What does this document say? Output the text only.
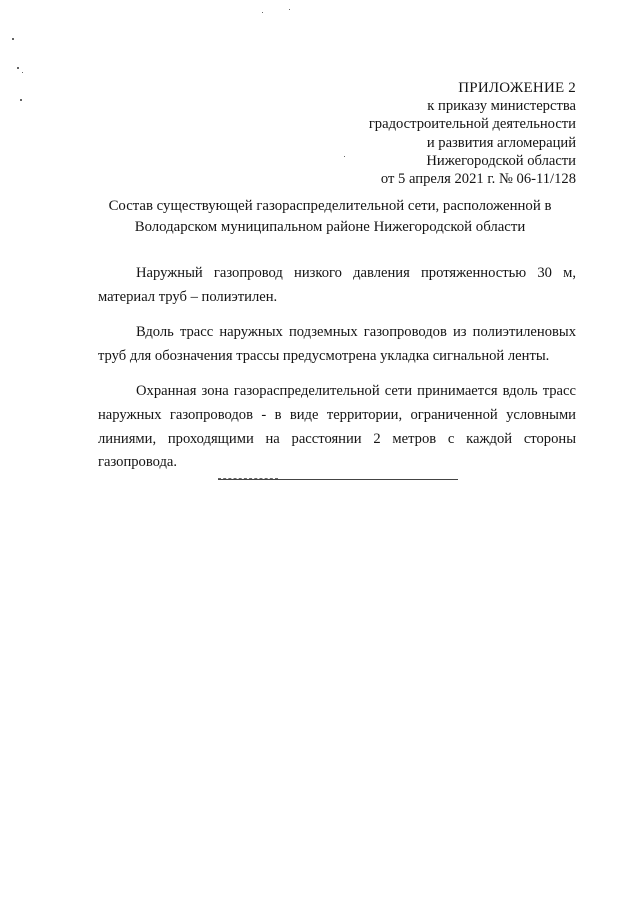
ПРИЛОЖЕНИЕ 2
к приказу министерства
градостроительной деятельности
и развития агломераций
Нижегородской области
от 5 апреля 2021 г. № 06-11/128
Состав существующей газораспределительной сети, расположенной в
Володарском муниципальном районе Нижегородской области

Наружный газопровод низкого давления протяженностью 30 м, материал труб – полиэтилен.

Вдоль трасс наружных подземных газопроводов из полиэтиленовых труб для обозначения трассы предусмотрена укладка сигнальной ленты.

Охранная зона газораспределительной сети принимается вдоль трасс наружных газопроводов - в виде территории, ограниченной условными линиями, проходящими на расстоянии 2 метров с каждой стороны газопровода.
